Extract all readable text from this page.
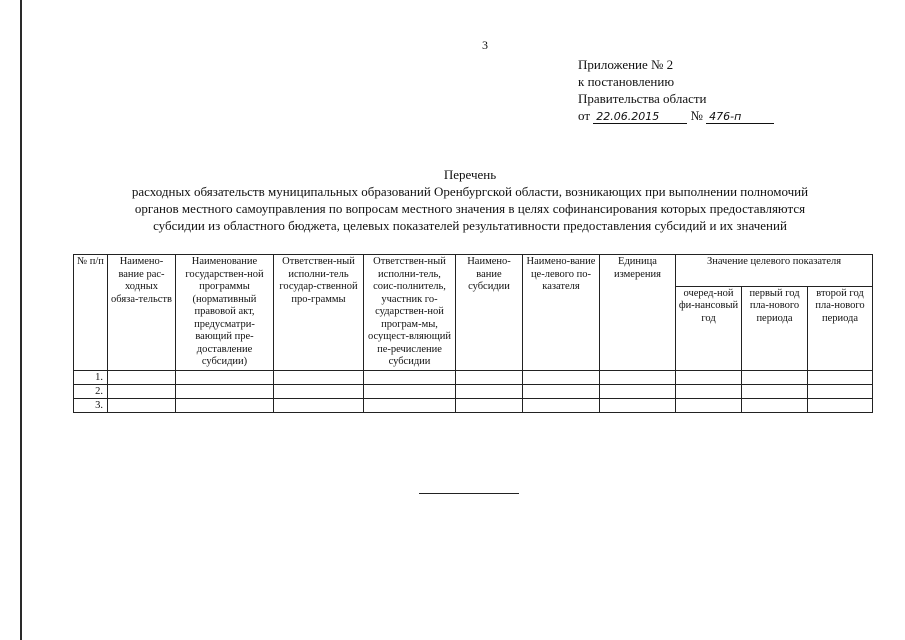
3
Приложение № 2
к постановлению
Правительства области
от 22.06.2015 № 476-п
Перечень
расходных обязательств муниципальных образований Оренбургской области, возникающих при выполнении полномочий
органов местного самоуправления по вопросам местного значения в целях софинансирования которых предоставляются
субсидии из областного бюджета, целевых показателей результативности предоставления субсидий и их значений
№ п/п	Наимено-вание рас-ходных обяза-тельств	Наименование государствен-ной программы (нормативный правовой акт, предусматри-вающий пре-доставление субсидии)	Ответствен-ный исполни-тель государ-ственной про-граммы	Ответствен-ный исполни-тель, соис-полнитель, участник го-сударствен-ной програм-мы, осущест-вляющий пе-речисление субсидии	Наимено-вание субсидии	Наимено-вание це-левого по-казателя	Единица измерения	Значение целевого показателя		
								очеред-ной фи-нансовый год	первый год пла-нового периода	второй год пла-нового периода
1.										
2.										
3.										
